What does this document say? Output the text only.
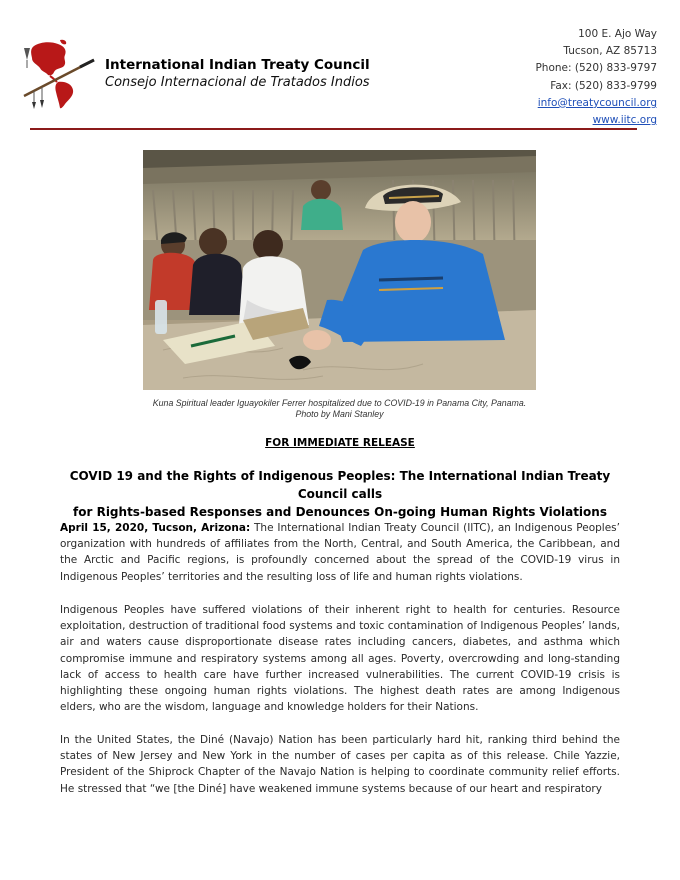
International Indian Treaty Council
Consejo Internacional de Tratados Indios
100 E. Ajo Way
Tucson, AZ 85713
Phone: (520) 833-9797
Fax: (520) 833-9799
info@treatycouncil.org
www.iitc.org
Kuna Spiritual leader Iguayokiler Ferrer hospitalized due to COVID-19 in Panama City, Panama.
Photo by Mani Stanley
FOR IMMEDIATE RELEASE
COVID 19 and the Rights of Indigenous Peoples: The International Indian Treaty Council calls
for Rights-based Responses and Denounces On-going Human Rights Violations
April 15, 2020, Tucson, Arizona: The International Indian Treaty Council (IITC), an Indigenous Peoples’ organization with hundreds of affiliates from the North, Central, and South America, the Caribbean, and the Arctic and Pacific regions, is profoundly concerned about the spread of the COVID-19 virus in Indigenous Peoples’ territories and the resulting loss of life and human rights violations.
Indigenous Peoples have suffered violations of their inherent right to health for centuries. Resource exploitation, destruction of traditional food systems and toxic contamination of Indigenous Peoples’ lands, air and waters cause disproportionate disease rates including cancers, diabetes, and asthma which compromise immune and respiratory systems among all ages. Poverty, overcrowding and long-standing lack of access to health care have further increased vulnerabilities. The current COVID-19 crisis is highlighting these ongoing human rights violations. The highest death rates are among Indigenous elders, who are the wisdom, language and knowledge holders for their Nations.
In the United States, the Diné (Navajo) Nation has been particularly hard hit, ranking third behind the states of New Jersey and New York in the number of cases per capita as of this release. Chile Yazzie, President of the Shiprock Chapter of the Navajo Nation is helping to coordinate community relief efforts. He stressed that “we [the Diné] have weakened immune systems because of our heart and respiratory
